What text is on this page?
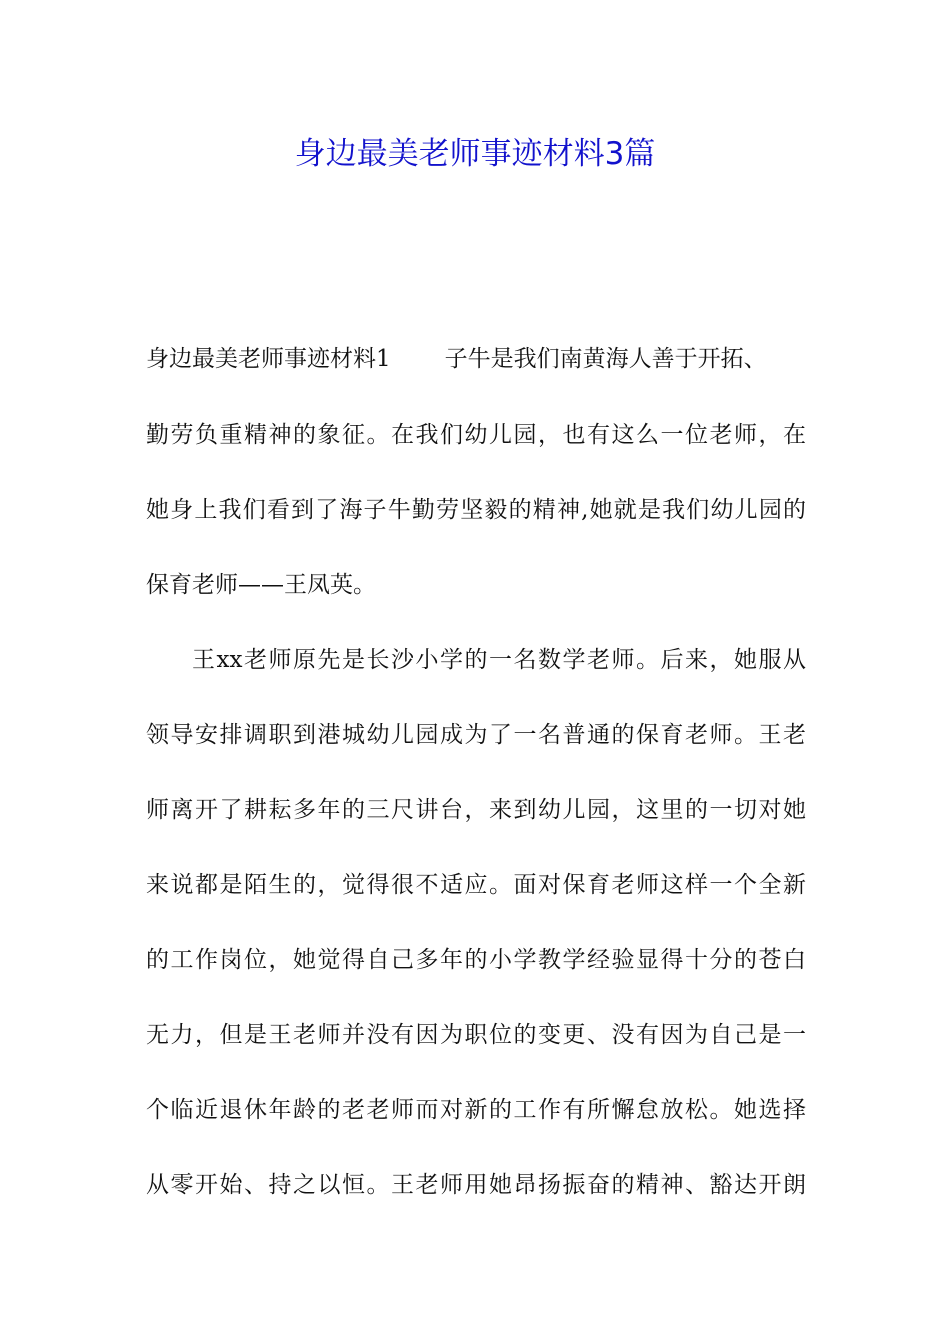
身边最美老师事迹材料3篇
身边最美老师事迹材料1 子牛是我们南黄海人善于开拓、
勤劳负重精神的象征。在我们幼儿园，也有这么一位老师，在
她身上我们看到了海子牛勤劳坚毅的精神,她就是我们幼儿园的
保育老师——王凤英。
王xx老师原先是长沙小学的一名数学老师。后来，她服从
领导安排调职到港城幼儿园成为了一名普通的保育老师。王老
师离开了耕耘多年的三尺讲台，来到幼儿园，这里的一切对她
来说都是陌生的，觉得很不适应。面对保育老师这样一个全新
的工作岗位，她觉得自己多年的小学教学经验显得十分的苍白
无力，但是王老师并没有因为职位的变更、没有因为自己是一
个临近退休年龄的老老师而对新的工作有所懈怠放松。她选择
从零开始、持之以恒。王老师用她昂扬振奋的精神、豁达开朗
